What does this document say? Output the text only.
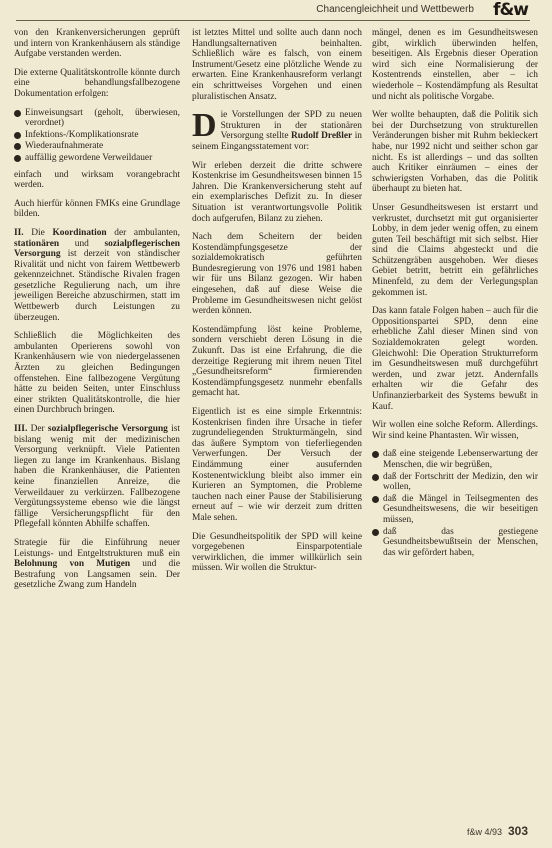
Chancengleichheit und Wettbewerb f&w

von den Krankenversicherungen geprüft und intern von Krankenhäusern als ständige Aufgabe verstanden werden.

Die externe Qualitätskontrolle könnte durch eine behandlungsfallbezogene Dokumentation erfolgen:

Einweisungsart (geholt, überwiesen, verordnet)
Infektions-/Komplikationsrate
Wiederaufnahmerate
auffällig gewordene Verweildauer

einfach und wirksam vorangebracht werden.

Auch hierfür können FMKs eine Grundlage bilden.

II. Die Koordination der ambulanten, stationären und sozialpflegerischen Versorgung ist derzeit von ständischer Rivalität und nicht von fairem Wettbewerb gekennzeichnet. Ständische Rivalen fragen gesetzliche Regulierung nach, um ihre jeweiligen Bereiche abzuschirmen, statt im Wettbewerb durch Leistungen zu überzeugen.

Schließlich die Möglichkeiten des ambulanten Operierens sowohl von Krankenhäusern wie von niedergelassenen Ärzten zu gleichen Bedingungen offenstehen. Eine fallbezogene Vergütung hätte zu beiden Seiten, unter Einschluss einer strikten Qualitätskontrolle, die hier einen Durchbruch bringen.

III. Der sozialpflegerische Versorgung ist bislang wenig mit der medizinischen Versorgung verknüpft. Viele Patienten liegen zu lange im Krankenhaus. Bislang haben die Krankenhäuser, die Patienten keine finanziellen Anreize, die Verweildauer zu verkürzen. Fallbezogene Vergütungssysteme ebenso wie die längst fällige Versicherungspflicht für den Pflegefall könnten Abhilfe schaffen.

Strategie für die Einführung neuer Leistungs- und Entgeltstrukturen muß ein Belohnung von Mutigen und die Bestrafung von Langsamen sein. Der gesetzliche Zwang zum Handeln

ist letztes Mittel und sollte auch dann noch Handlungsalternativen beinhalten. Schließlich wäre es falsch, von einem Instrument/Gesetz eine plötzliche Wende zu erwarten. Eine Krankenhausreform verlangt ein schrittweises Vorgehen und einen pluralistischen Ansatz.

Die Vorstellungen der SPD zu neuen Strukturen in der stationären Versorgung stellte Rudolf Dreßler in seinem Eingangsstatement vor:

Wir erleben derzeit die dritte schwere Kostenkrise im Gesundheitswesen binnen 15 Jahren. Die Krankenversicherung steht auf ein exemplarisches Defizit zu. In dieser Situation ist verantwortungsvolle Politik doch aufgerufen, Bilanz zu ziehen.

Nach dem Scheitern der beiden Kostendämpfungsgesetze der sozialdemokratisch geführten Bundesregierung von 1976 und 1981 haben wir für uns Bilanz gezogen. Wir haben eingesehen, daß auf diese Weise die Probleme im Gesundheitswesen nicht gelöst werden können.

Kostendämpfung löst keine Probleme, sondern verschiebt deren Lösung in die Zukunft. Das ist eine Erfahrung, die die derzeitige Regierung mit ihrem neuen Titel „Gesundheitsreform“ firmierenden Kostendämpfungsgesetz nunmehr ebenfalls gemacht hat.

Eigentlich ist es eine simple Erkenntnis: Kostenkrisen finden ihre Ursache in tiefer zugrundeliegenden Strukturmängeln, sind das äußere Symptom von tieferliegenden Verwerfungen. Der Versuch der Eindämmung einer ausufernden Kostenentwicklung bleibt also immer ein Kurieren an Symptomen, die Probleme tauchen nach einer Pause der Stabilisierung erneut auf – wie wir derzeit zum dritten Male sehen.

Die Gesundheitspolitik der SPD will keine vorgegebenen Einsparpotentiale verwirklichen, die immer willkürlich sein müssen. Wir wollen die Struktur-

mängel, denen es im Gesundheitswesen gibt, wirklich überwinden helfen, beseitigen. Als Ergebnis dieser Operation wird sich eine Normalisierung der Kostentrends einstellen, aber – ich wiederhole – Kostendämpfung als Resultat und nicht als politische Vorgabe.

Wer wollte behaupten, daß die Politik sich bei der Durchsetzung von strukturellen Veränderungen bisher mit Ruhm bekleckert habe, nur 1992 nicht und seither schon gar nicht. Es ist allerdings – und das sollten auch Kritiker einräumen – eines der schwierigsten Vorhaben, das die Politik überhaupt zu bieten hat.

Unser Gesundheitswesen ist erstarrt und verkrustet, durchsetzt mit gut organisierter Lobby, in dem jeder wenig offen, zu einem guten Teil beschäftigt mit sich selbst. Hier sind die Claims abgesteckt und die Schützengräben ausgehoben. Wer dieses Gebiet betritt, betritt ein gefährliches Minenfeld, zu dem der Verlegungsplan gekommen ist.

Das kann fatale Folgen haben – auch für die Oppositionspartei SPD, denn eine erhebliche Zahl dieser Minen sind von Sozialdemokraten gelegt worden. Gleichwohl: Die Operation Strukturreform im Gesundheitswesen muß durchgeführt werden, und zwar jetzt. Andernfalls erhalten wir die Gefahr des Unfinanzierbarkeit des Systems bewußt in Kauf.

Wir wollen eine solche Reform. Allerdings. Wir sind keine Phantasten. Wir wissen,

daß eine steigende Lebenserwartung der Menschen, die wir begrüßen,
daß der Fortschritt der Medizin, den wir wollen,
daß die Mängel in Teilsegmenten des Gesundheitswesens, die wir beseitigen müssen,
daß das gestiegene Gesundheitsbewußtsein der Menschen, das wir gefördert haben,
f&w 4/93 303
